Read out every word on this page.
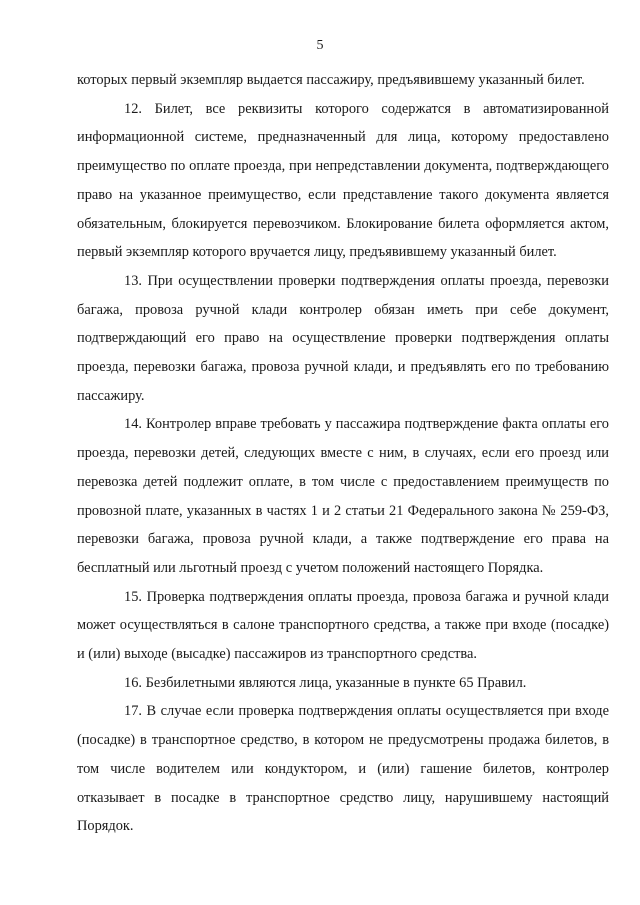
5

которых первый экземпляр выдается пассажиру, предъявившему указанный билет.

12. Билет, все реквизиты которого содержатся в автоматизированной информационной системе, предназначенный для лица, которому предоставлено преимущество по оплате проезда, при непредставлении документа, подтверждающего право на указанное преимущество, если представление такого документа является обязательным, блокируется перевозчиком. Блокирование билета оформляется актом, первый экземпляр которого вручается лицу, предъявившему указанный билет.

13. При осуществлении проверки подтверждения оплаты проезда, перевозки багажа, провоза ручной клади контролер обязан иметь при себе документ, подтверждающий его право на осуществление проверки подтверждения оплаты проезда, перевозки багажа, провоза ручной клади, и предъявлять его по требованию пассажиру.

14. Контролер вправе требовать у пассажира подтверждение факта оплаты его проезда, перевозки детей, следующих вместе с ним, в случаях, если его проезд или перевозка детей подлежит оплате, в том числе с предоставлением преимуществ по провозной плате, указанных в частях 1 и 2 статьи 21 Федерального закона № 259-ФЗ, перевозки багажа, провоза ручной клади, а также подтверждение его права на бесплатный или льготный проезд с учетом положений настоящего Порядка.

15. Проверка подтверждения оплаты проезда, провоза багажа и ручной клади может осуществляться в салоне транспортного средства, а также при входе (посадке) и (или) выходе (высадке) пассажиров из транспортного средства.

16. Безбилетными являются лица, указанные в пункте 65 Правил.

17. В случае если проверка подтверждения оплаты осуществляется при входе (посадке) в транспортное средство, в котором не предусмотрены продажа билетов, в том числе водителем или кондуктором, и (или) гашение билетов, контролер отказывает в посадке в транспортное средство лицу, нарушившему настоящий Порядок.
